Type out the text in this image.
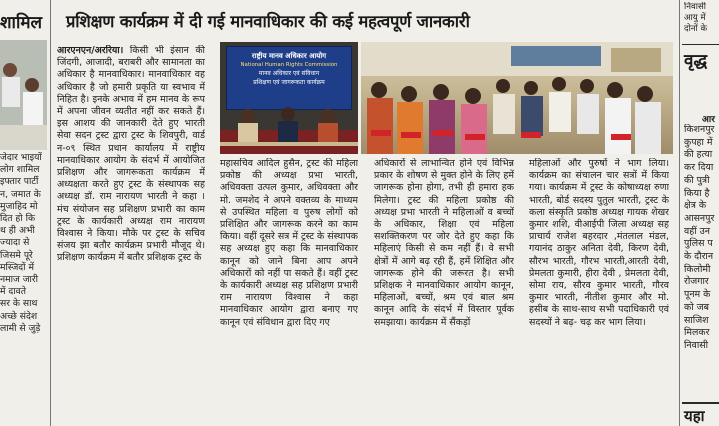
शामिल
जेदार भाइयों
लोग शामिल
इफ्तार पार्टी
न, जमात के
मुजाहिद मो
दित हो कि
थ ही अभी
ज्यादा से
जिसमे पूरे
मस्जिदों में
नमाज जारी
में दावते
सर के साथ
अच्छे संदेश
लामी से जुड़े
प्रशिक्षण कार्यक्रम में दी गई मानवाधिकार की कई महत्वपूर्ण जानकारी
आरएनएन/अररिया। किसी भी इंसान की जिंदगी, आजादी, बराबरी और सामानता का अधिकार है मानवाधिकार। मानवाधिकार वह अधिकार है जो हमारी प्रकृति या स्वभाव में निहित है। इनके अभाव में हम मानव के रूप में अपना जीवन व्यतीत नहीं कर सकते हैं। इस आशय की जानकारी देते हुए भारती सेवा सदन ट्रस्ट द्वारा ट्रस्ट के शिवपुरी, वार्ड न-०९ स्थित प्रधान कार्यालय में राष्ट्रीय मानवाधिकार आयोग के संदर्भ में आयोजित प्रशिक्षण और जागरूकता कार्यक्रम में अध्यक्षता करते हुए ट्रस्ट के संस्थापक सह अध्यक्ष डॉ. राम नारायण भारती ने कहा । मंच संयोजन सह प्रशिक्षण प्रभारी का काम ट्रस्ट के कार्यकारी अध्यक्ष राम नारायण विश्वास ने किया। मौके पर ट्रस्ट के सचिव संजय झा बतौर कार्यक्रम प्रभारी मौजूद थे। प्रशिक्षण कार्यक्रम में बतौर प्रशिक्षक ट्रस्ट के
राष्ट्रीय मानव अधिकार आयोग
National Human Rights Commission
मानव अधिकार एवं संविधान
प्रशिक्षण एवं जागरूकता कार्यक्रम
महासचिव आदिल हुसैन, ट्रस्ट की महिला प्रकोष्ठ की अध्यक्ष प्रभा भारती, अधिवक्ता उत्पल कुमार, अधिवक्ता और मो. जमशेद ने अपने वक्तव्य के माध्यम से उपस्थित महिला व पुरुष लोगों को प्रशिक्षित और जागरूक करने का काम किया। वहीं दूसरे सत्र में ट्रस्ट के संस्थापक सह अध्यक्ष हुए कहा कि मानवाधिकार कानून को जाने बिना आप अपने अधिकारों को नहीं पा सकते हैं। वहीं ट्रस्ट के कार्यकारी अध्यक्ष सह प्रशिक्षण प्रभारी राम नारायण विश्वास ने कहा मानवाधिकार आयोग द्वारा बनाए गए कानून एवं संविधान द्वारा दिए गए
अधिकारों से लाभान्वित होने एवं विभिन्न प्रकार के शोषण से मुक्त होने के लिए हमें जागरूक होना होगा, तभी ही हमारा हक मिलेगा। ट्रस्ट की महिला प्रकोष्ठ की अध्यक्ष प्रभा भारती ने महिलाओं व बच्चों के अधिकार, शिक्षा एवं महिला सशक्तिकरण पर जोर देते हुए कहा कि महिलाएं किसी से कम नहीं हैं। वे सभी क्षेत्रों में आगे बढ़ रही हैं, हमें शिक्षित और जागरूक होने की जरूरत है। सभी प्रशिक्षक ने मानवाधिकार आयोग कानून, महिलाओं, बच्चों, श्रम एवं बाल श्रम कानून आदि के संदर्भ में विस्तार पूर्वक समझाया। कार्यक्रम में सैंकड़ों
महिलाओं और पुरुषों ने भाग लिया। कार्यक्रम का संचालन चार सत्रों में किया गया। कार्यक्रम में ट्रस्ट के कोषाध्यक्ष रुणा भारती, बोर्ड सदस्य पुतुल भारती, ट्रस्ट के कला संस्कृति प्रकोष्ठ अध्यक्ष गायक शेखर कुमार शशि, वीआईपी जिला अध्यक्ष सह प्राचार्य राजेश बहरदार ,मंतलाल मंडल, गयानंद ठाकुर अनिता देवी, किरण देवी, सौरभ भारती, गौरभ भारती,आरती देवी, प्रेमलता कुमारी, हीरा देवी , प्रेमलता देवी, सोमा राय, सौरव कुमार भारती, गौरव कुमार भारती, नीतीश कुमार और मो. हसीब के साथ-साथ सभी पदाधिकारी एवं सदस्यों ने बढ़- चढ़ कर भाग लिया।
निवासी
आयु में
दोनों के
वृद्ध
आर
किशनपुर
कुपहा में
की हत्या
कर दिया
की पुत्री
किया है
क्षेत्र के
आसनपुर
वहीं उन
पुलिस प
के दौरान
किलोमी
रोजगार
पूनम के
को जब
साजिश
मिलकर
निवासी
यहा
